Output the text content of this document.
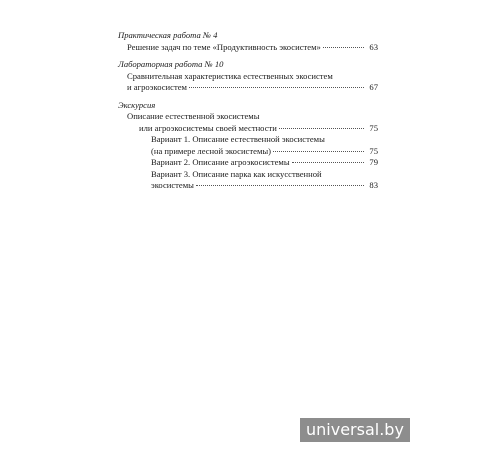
Практическая работа № 4
Решение задач по теме «Продуктивность экосистем»	63
Лабораторная работа № 10
Сравнительная характеристика естественных экосистем
и агроэкосистем	67
Экскурсия
Описание естественной экосистемы
или агроэкосистемы своей местности	75
Вариант 1. Описание естественной экосистемы
(на примере лесной экосистемы)	75
Вариант 2. Описание агроэкосистемы	79
Вариант 3. Описание парка как искусственной
экосистемы	83
universal.by
